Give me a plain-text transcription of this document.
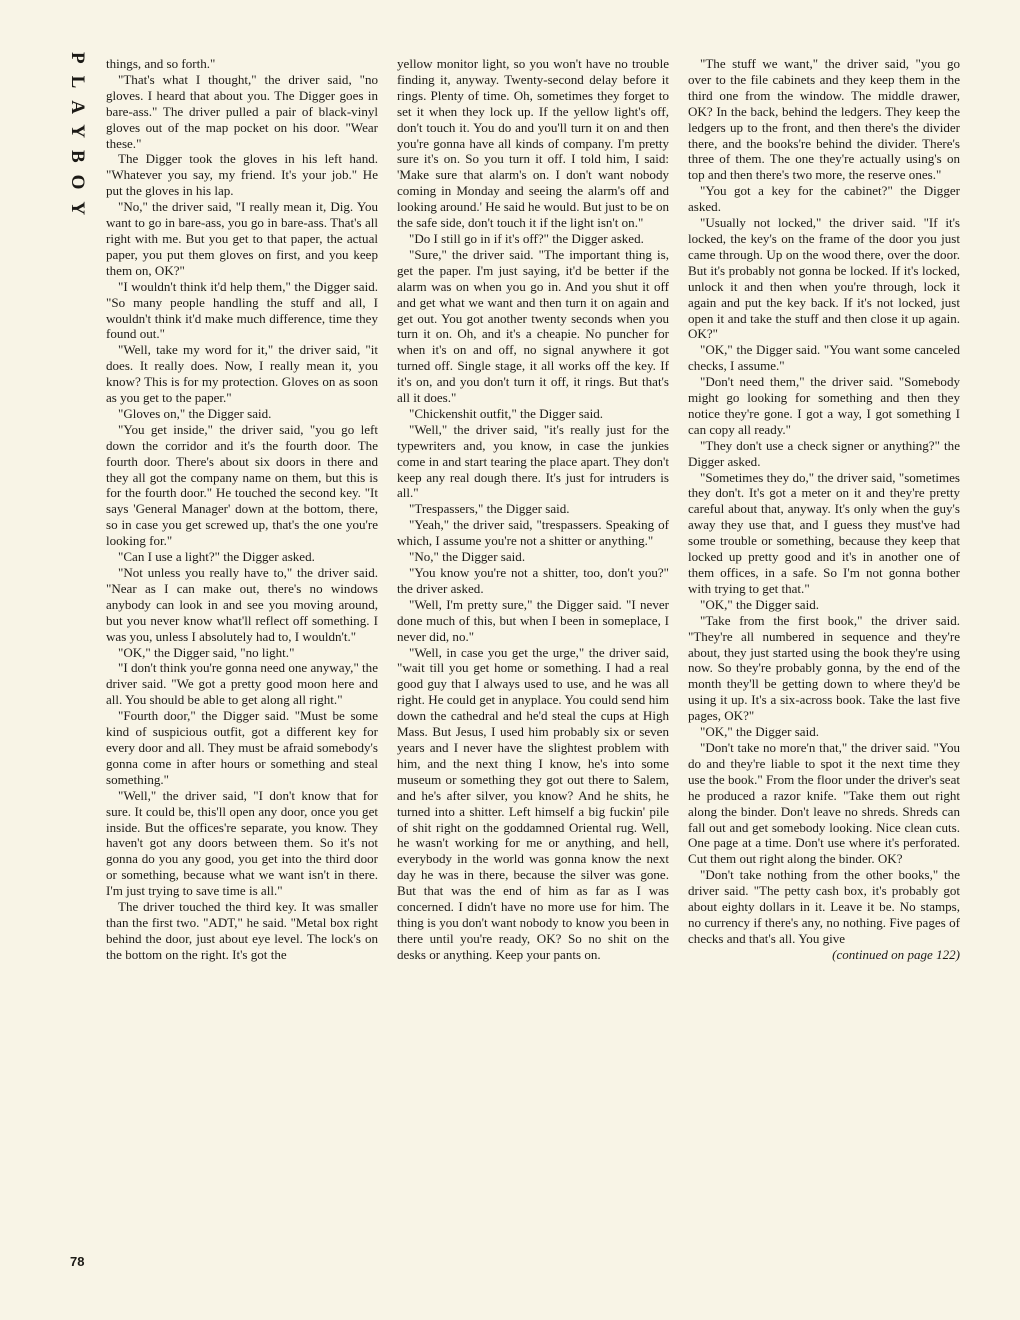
PLAYBOY things, and so forth."

"That's what I thought," the driver said, "no gloves. I heard that about you. The Digger goes in bare-ass." The driver pulled a pair of black-vinyl gloves out of the map pocket on his door. "Wear these."

The Digger took the gloves in his left hand. "Whatever you say, my friend. It's your job." He put the gloves in his lap.

"No," the driver said, "I really mean it, Dig. You want to go in bare-ass, you go in bare-ass. That's all right with me. But you get to that paper, the actual paper, you put them gloves on first, and you keep them on, OK?"

"I wouldn't think it'd help them," the Digger said. "So many people handling the stuff and all, I wouldn't think it'd make much difference, time they found out."

"Well, take my word for it," the driver said, "it does. It really does. Now, I really mean it, you know? This is for my protection. Gloves on as soon as you get to the paper."

"Gloves on," the Digger said.

"You get inside," the driver said, "you go left down the corridor and it's the fourth door. The fourth door. There's about six doors in there and they all got the company name on them, but this is for the fourth door." He touched the second key. "It says 'General Manager' down at the bottom, there, so in case you get screwed up, that's the one you're looking for."

"Can I use a light?" the Digger asked.

"Not unless you really have to," the driver said. "Near as I can make out, there's no windows anybody can look in and see you moving around, but you never know what'll reflect off something. I was you, unless I absolutely had to, I wouldn't."

"OK," the Digger said, "no light."

"I don't think you're gonna need one anyway," the driver said. "We got a pretty good moon here and all. You should be able to get along all right."

"Fourth door," the Digger said. "Must be some kind of suspicious outfit, got a different key for every door and all. They must be afraid somebody's gonna come in after hours or something and steal something."

"Well," the driver said, "I don't know that for sure. It could be, this'll open any door, once you get inside. But the offices're separate, you know. They haven't got any doors between them. So it's not gonna do you any good, you get into the third door or something, because what we want isn't in there. I'm just trying to save time is all."

The driver touched the third key. It was smaller than the first two. "ADT," he said. "Metal box right behind the door, just about eye level. The lock's on the bottom on the right. It's got the

yellow monitor light, so you won't have no trouble finding it, anyway. Twenty-second delay before it rings. Plenty of time. Oh, sometimes they forget to set it when they lock up. If the yellow light's off, don't touch it. You do and you'll turn it on and then you're gonna have all kinds of company. I'm pretty sure it's on. So you turn it off. I told him, I said: 'Make sure that alarm's on. I don't want nobody coming in Monday and seeing the alarm's off and looking around.' He said he would. But just to be on the safe side, don't touch it if the light isn't on."

"Do I still go in if it's off?" the Digger asked.

"Sure," the driver said. "The important thing is, get the paper. I'm just saying, it'd be better if the alarm was on when you go in. And you shut it off and get what we want and then turn it on again and get out. You got another twenty seconds when you turn it on. Oh, and it's a cheapie. No puncher for when it's on and off, no signal anywhere it got turned off. Single stage, it all works off the key. If it's on, and you don't turn it off, it rings. But that's all it does."

"Chickenshit outfit," the Digger said.

"Well," the driver said, "it's really just for the typewriters and, you know, in case the junkies come in and start tearing the place apart. They don't keep any real dough there. It's just for intruders is all."

"Trespassers," the Digger said.

"Yeah," the driver said, "trespassers. Speaking of which, I assume you're not a shitter or anything."

"No," the Digger said.

"You know you're not a shitter, too, don't you?" the driver asked.

"Well, I'm pretty sure," the Digger said. "I never done much of this, but when I been in someplace, I never did, no."

"Well, in case you get the urge," the driver said, "wait till you get home or something. I had a real good guy that I always used to use, and he was all right. He could get in anyplace. You could send him down the cathedral and he'd steal the cups at High Mass. But Jesus, I used him probably six or seven years and I never have the slightest problem with him, and the next thing I know, he's into some museum or something they got out there to Salem, and he's after silver, you know? And he shits, he turned into a shitter. Left himself a big fuckin' pile of shit right on the goddamned Oriental rug. Well, he wasn't working for me or anything, and hell, everybody in the world was gonna know the next day he was in there, because the silver was gone. But that was the end of him as far as I was concerned. I didn't have no more use for him. The thing is you don't want nobody to know you been in there until you're ready, OK? So no shit on the desks or anything. Keep your pants on.

"The stuff we want," the driver said, "you go over to the file cabinets and they keep them in the third one from the window. The middle drawer, OK? In the back, behind the ledgers. They keep the ledgers up to the front, and then there's the divider there, and the books're behind the divider. There's three of them. The one they're actually using's on top and then there's two more, the reserve ones."

"You got a key for the cabinet?" the Digger asked.

"Usually not locked," the driver said. "If it's locked, the key's on the frame of the door you just came through. Up on the wood there, over the door. But it's probably not gonna be locked. If it's locked, unlock it and then when you're through, lock it again and put the key back. If it's not locked, just open it and take the stuff and then close it up again. OK?"

"OK," the Digger said. "You want some canceled checks, I assume."

"Don't need them," the driver said. "Somebody might go looking for something and then they notice they're gone. I got a way, I got something I can copy all ready."

"They don't use a check signer or anything?" the Digger asked.

"Sometimes they do," the driver said, "sometimes they don't. It's got a meter on it and they're pretty careful about that, anyway. It's only when the guy's away they use that, and I guess they must've had some trouble or something, because they keep that locked up pretty good and it's in another one of them offices, in a safe. So I'm not gonna bother with trying to get that."

"OK," the Digger said.

"Take from the first book," the driver said. "They're all numbered in sequence and they're about, they just started using the book they're using now. So they're probably gonna, by the end of the month they'll be getting down to where they'd be using it up. It's a six-across book. Take the last five pages, OK?"

"OK," the Digger said.

"Don't take no more'n that," the driver said. "You do and they're liable to spot it the next time they use the book." From the floor under the driver's seat he produced a razor knife. "Take them out right along the binder. Don't leave no shreds. Shreds can fall out and get somebody looking. Nice clean cuts. One page at a time. Don't use where it's perforated. Cut them out right along the binder. OK?

"Don't take nothing from the other books," the driver said. "The petty cash box, it's probably got about eighty dollars in it. Leave it be. No stamps, no currency if there's any, no nothing. Five pages of checks and that's all. You give

(continued on page 122)

78
